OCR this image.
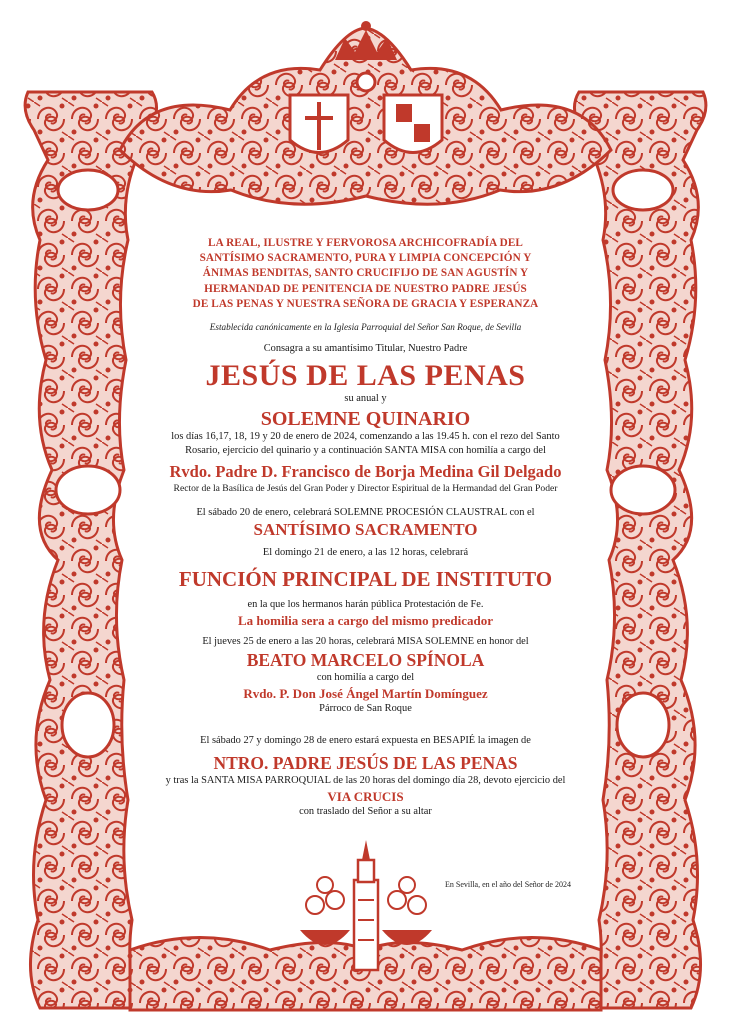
LA REAL, ILUSTRE Y FERVOROSA ARCHICOFRADÍA DEL
SANTÍSIMO SACRAMENTO, PURA Y LIMPIA CONCEPCIÓN Y
ÁNIMAS BENDITAS, SANTO CRUCIFIJO DE SAN AGUSTÍN Y
HERMANDAD DE PENITENCIA DE NUESTRO PADRE JESÚS
DE LAS PENAS Y NUESTRA SEÑORA DE GRACIA Y ESPERANZA
Establecida canónicamente en la Iglesia Parroquial del Señor San Roque, de Sevilla
Consagra a su amantísimo Titular, Nuestro Padre
JESÚS DE LAS PENAS
su anual y
SOLEMNE QUINARIO
los días 16,17, 18, 19 y 20 de enero de 2024, comenzando a las 19.45 h. con el rezo del Santo
Rosario, ejercicio del quinario y a continuación SANTA MISA con homilía a cargo del
Rvdo. Padre D. Francisco de Borja Medina Gil Delgado
Rector de la Basílica de Jesús del Gran Poder y Director Espiritual de la Hermandad del Gran Poder
El sábado 20 de enero, celebrará SOLEMNE PROCESIÓN CLAUSTRAL con el
SANTÍSIMO SACRAMENTO
El domingo 21 de enero, a las 12 horas, celebrará
FUNCIÓN PRINCIPAL DE INSTITUTO
en la que los hermanos harán pública Protestación de Fe.
La homilia sera a cargo del mismo predicador
El jueves 25 de enero a las 20 horas, celebrará MISA SOLEMNE en honor del
BEATO MARCELO SPÍNOLA
con homilía a cargo del
Rvdo. P. Don José Ángel Martín Domínguez
Párroco de San Roque
El sábado 27 y domingo 28 de enero estará expuesta en BESAPIÉ la imagen de
NTRO. PADRE JESÚS DE LAS PENAS
y tras la SANTA MISA PARROQUIAL de las 20 horas del domingo día 28, devoto ejercicio del
VIA CRUCIS
con traslado del Señor a su altar
En Sevilla, en el año del Señor de 2024
